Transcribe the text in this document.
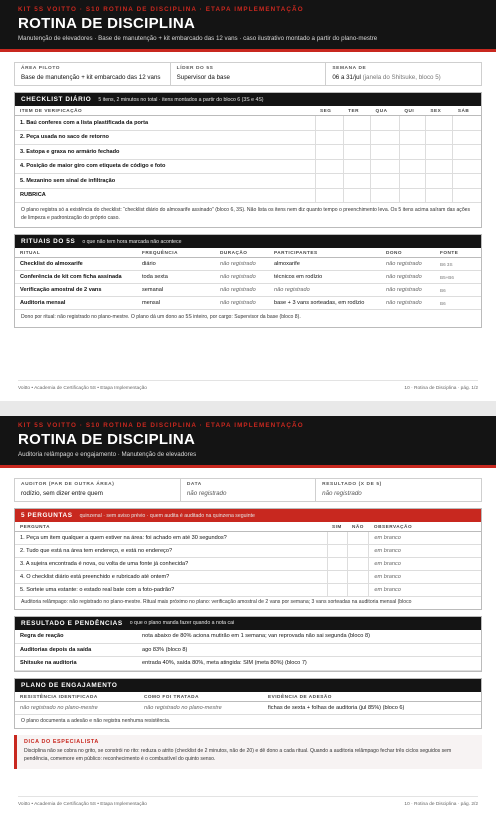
KIT 5S VOITTO · S10 ROTINA DE DISCIPLINA · ETAPA IMPLEMENTAÇÃO
ROTINA DE DISCIPLINA
Manutenção de elevadores · Base de manutenção + kit embarcado das 12 vans · caso ilustrativo montado a partir do plano-mestre
ÁREA PILOTO
Base de manutenção + kit embarcado das 12 vans
LÍDER DO 5S
Supervisor da base
SEMANA DE
06 a 31/jul (janela do Shitsuke, bloco 5)
CHECKLIST DIÁRIO 5 itens, 2 minutos no total · itens montados a partir do bloco 6 (3S e 4S)
ITEM DE VERIFICAÇÃO	SEG	TER	QUA	QUI	SEX	SÁB
1. Baú conferes com a lista plastificada da porta						
2. Peça usada no saco de retorno						
3. Estopa e graxa no armário fechado						
4. Posição de maior giro com etiqueta de código e foto						
5. Mezanino sem sinal de infiltração						
RUBRICA						
O plano registra só a existência do checklist: “checklist diário do almoxarife assinado” (bloco 6, 3S). Não lista os itens nem diz quanto tempo o preenchimento leva. Os 5 itens acima saíram das ações de limpeza e padronização do próprio caso.
RITUAIS DO 5S o que não tem hora marcada não acontece
RITUAL	FREQUÊNCIA	DURAÇÃO	PARTICIPANTES	DONO	FONTE
Checklist do almoxarife	diário	não registrado	almoxarife	não registrado	B6 3S
Conferência de kit com ficha assinada	toda sexta	não registrado	técnicos em rodízio	não registrado	B5+B6
Verificação amostral de 2 vans	semanal	não registrado	não registrado	não registrado	B6
Auditoria mensal	mensal	não registrado	base + 3 vans sorteadas, em rodízio	não registrado	B6
Dono por ritual: não registrado no plano-mestre. O plano dá um dono ao 5S inteiro, por cargo: Supervisor da base (bloco 8).
Voitto • Academia de Certificação 5S • Etapa Implementação	10 · Rotina de Disciplina · pág. 1/2
KIT 5S VOITTO · S10 ROTINA DE DISCIPLINA · ETAPA IMPLEMENTAÇÃO
ROTINA DE DISCIPLINA
Auditoria relâmpago e engajamento · Manutenção de elevadores
AUDITOR (PAR DE OUTRA ÁREA)
rodízio, sem dizer entre quem
DATA
não registrado
RESULTADO (X DE 5)
não registrado
5 PERGUNTAS quinzenal · sem aviso prévio · quem audita é auditado na quinzena seguinte
PERGUNTA	SIM	NÃO	OBSERVAÇÃO
1. Peça um item qualquer a quem estiver na área: foi achado em até 30 segundos?			em branco
2. Tudo que está na área tem endereço, e está no endereço?			em branco
3. A sujeira encontrada é nova, ou volta de uma fonte já conhecida?			em branco
4. O checklist diário está preenchido e rubricado até ontem?			em branco
5. Sorteie uma estante: o estado real bate com a foto-padrão?			em branco
Auditoria relâmpago: não registrado no plano-mestre. Ritual mais próximo no plano: verificação amostral de 2 vans por semana; 3 vans sorteadas na auditoria mensal (bloco
RESULTADO E PENDÊNCIAS o que o plano manda fazer quando a nota cai
Regra de reação	nota abaixo de 80% aciona mutirão em 1 semana; van reprovada não sai segunda (bloco 8)
Auditorias depois da saída	ago 83% (bloco 8)
Shitsuke na auditoria	entrada 40%, saída 80%, meta atingida: SIM (meta 80%) (bloco 7)
PLANO DE ENGAJAMENTO
RESISTÊNCIA IDENTIFICADA	COMO FOI TRATADA	EVIDÊNCIA DE ADESÃO
não registrado no plano-mestre	não registrado no plano-mestre	fichas de sexta + folhas de auditoria (jul 85%) (bloco 6)
O plano documenta a adesão e não registra nenhuma resistência.
DICA DO ESPECIALISTA
Disciplina não se cobra no grito, se constrói no rito: reduza o atrito (checklist de 2 minutos, não de 20) e dê dono a cada ritual. Quando a auditoria relâmpago fechar três ciclos seguidos sem pendência, comemore em público: reconhecimento é o combustível do quinto senso.
Voitto • Academia de Certificação 5S • Etapa Implementação	10 · Rotina de Disciplina · pág. 2/2
